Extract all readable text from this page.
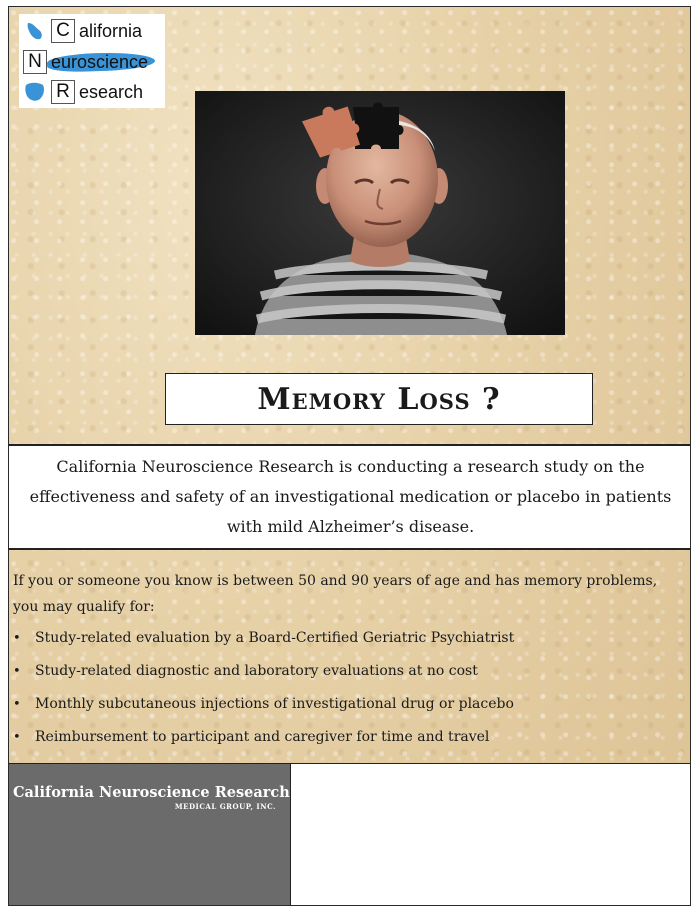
C alifornia
N euroscience
R esearch
Memory Loss ?
California Neuroscience Research is conducting a research study on the effectiveness and safety of an investigational medication or placebo in patients with mild Alzheimer’s disease.
If you or someone you know is between 50 and 90 years of age and has memory problems, you may qualify for:
• Study-related evaluation by a Board-Certified Geriatric Psychiatrist
• Study-related diagnostic and laboratory evaluations at no cost
• Monthly subcutaneous injections of investigational drug or placebo
• Reimbursement to participant and caregiver for time and travel
California Neuroscience Research
MEDICAL GROUP, INC.
